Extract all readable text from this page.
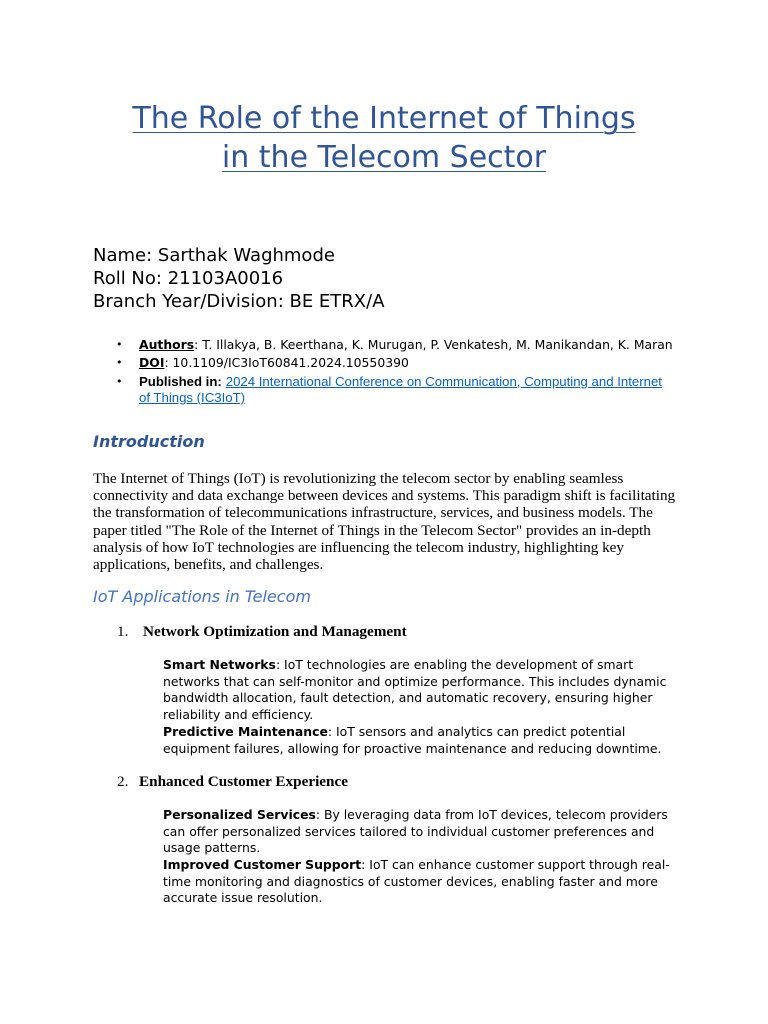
The Role of the Internet of Things
in the Telecom Sector
Name: Sarthak Waghmode
Roll No: 21103A0016
Branch Year/Division: BE ETRX/A
• Authors: T. Illakya, B. Keerthana, K. Murugan, P. Venkatesh, M. Manikandan, K. Maran
• DOI: 10.1109/IC3IoT60841.2024.10550390
• Published in: 2024 International Conference on Communication, Computing and Internet of Things (IC3IoT)
Introduction
The Internet of Things (IoT) is revolutionizing the telecom sector by enabling seamless connectivity and data exchange between devices and systems. This paradigm shift is facilitating the transformation of telecommunications infrastructure, services, and business models. The paper titled "The Role of the Internet of Things in the Telecom Sector" provides an in-depth analysis of how IoT technologies are influencing the telecom industry, highlighting key applications, benefits, and challenges.
IoT Applications in Telecom
1. Network Optimization and Management
Smart Networks: IoT technologies are enabling the development of smart networks that can self-monitor and optimize performance. This includes dynamic bandwidth allocation, fault detection, and automatic recovery, ensuring higher reliability and efficiency.
Predictive Maintenance: IoT sensors and analytics can predict potential equipment failures, allowing for proactive maintenance and reducing downtime.
2. Enhanced Customer Experience
Personalized Services: By leveraging data from IoT devices, telecom providers can offer personalized services tailored to individual customer preferences and usage patterns.
Improved Customer Support: IoT can enhance customer support through real-time monitoring and diagnostics of customer devices, enabling faster and more accurate issue resolution.
